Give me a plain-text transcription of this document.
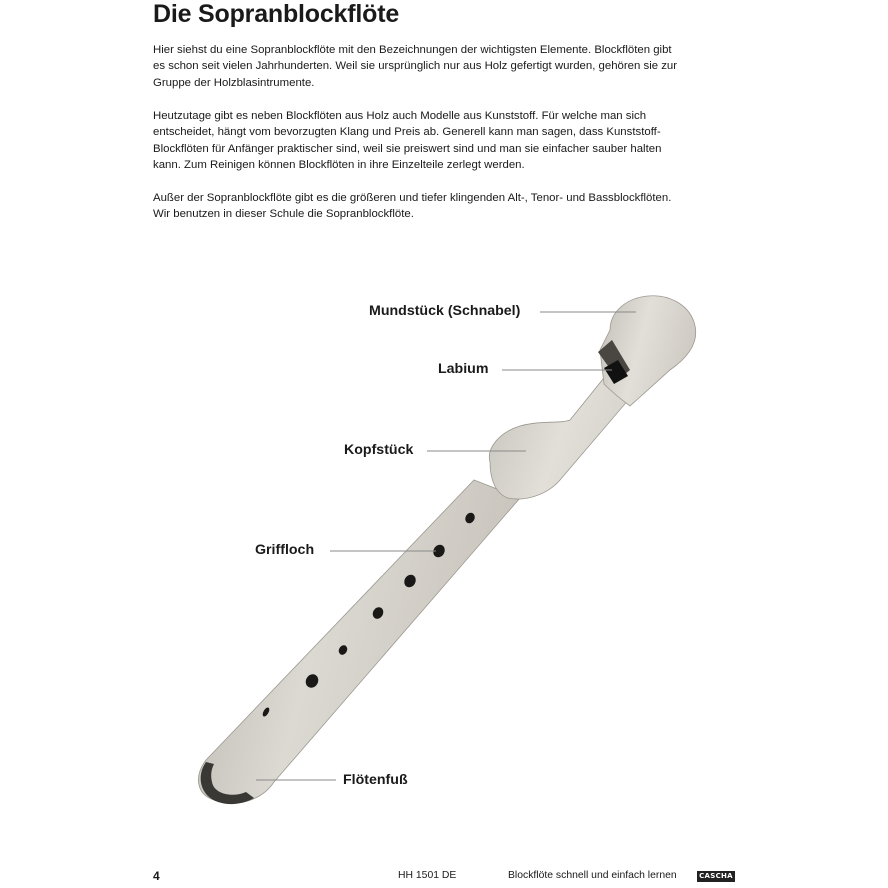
Die Sopranblockflöte

Hier siehst du eine Sopranblockflöte mit den Bezeichnungen der wichtigsten Elemente. Blockflöten gibt
es schon seit vielen Jahrhunderten. Weil sie ursprünglich nur aus Holz gefertigt wurden, gehören sie zur
Gruppe der Holzblasintrumente.

Heutzutage gibt es neben Blockflöten aus Holz auch Modelle aus Kunststoff. Für welche man sich
entscheidet, hängt vom bevorzugten Klang und Preis ab. Generell kann man sagen, dass Kunststoff-
Blockflöten für Anfänger praktischer sind, weil sie preiswert sind und man sie einfacher sauber halten
kann. Zum Reinigen können Blockflöten in ihre Einzelteile zerlegt werden.

Außer der Sopranblockflöte gibt es die größeren und tiefer klingenden Alt-, Tenor- und Bassblockflöten.
Wir benutzen in dieser Schule die Sopranblockflöte.

Mundstück (Schnabel)
Labium
Kopfstück
Griffloch
Flötenfuß
4	HH 1501 DE	Blockflöte schnell und einfach lernen	CASCHA
